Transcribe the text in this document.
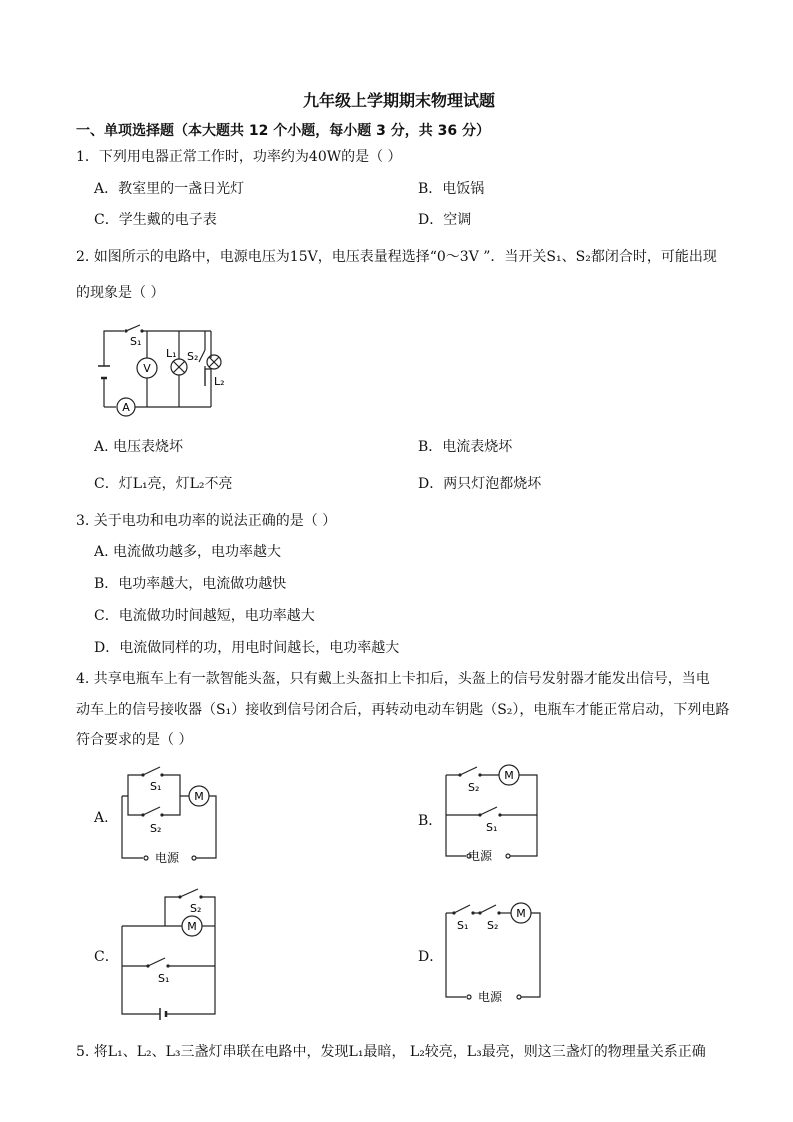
九年级上学期期末物理试题
一、单项选择题（本大题共 12 个小题，每小题 3 分，共 36 分）
1．下列用电器正常工作时，功率约为40W的是（ ）
A．教室里的一盏日光灯	B．电饭锅
C．学生戴的电子表	D．空调
2. 如图所示的电路中，电源电压为15V，电压表量程选择“0～3V ”．当开关S₁、S₂都闭合时，可能出现
的现象是（ ）
A
S₁
V
L₁ S₂
L₂
A. 电压表烧坏	B．电流表烧坏
C．灯L₁亮，灯L₂不亮	D．两只灯泡都烧坏
3. 关于电功和电功率的说法正确的是（ ）
A. 电流做功越多，电功率越大
B．电功率越大，电流做功越快
C．电流做功时间越短，电功率越大
D．电流做同样的功，用电时间越长，电功率越大
4. 共享电瓶车上有一款智能头盔，只有戴上头盔扣上卡扣后，头盔上的信号发射器才能发出信号，当电
动车上的信号接收器（S₁）接收到信号闭合后，再转动电动车钥匙（S₂），电瓶车才能正常启动，下列电路
符合要求的是（ ）
A.	B．
C．	D．
电源
M
S₁
S₂
电源
M
S₂
S₁
M
S₂
S₁
电源
M
S₁ S₂
5. 将L₁、L₂、L₃三盏灯串联在电路中，发现L₁最暗， L₂较亮，L₃最亮，则这三盏灯的物理量关系正确
